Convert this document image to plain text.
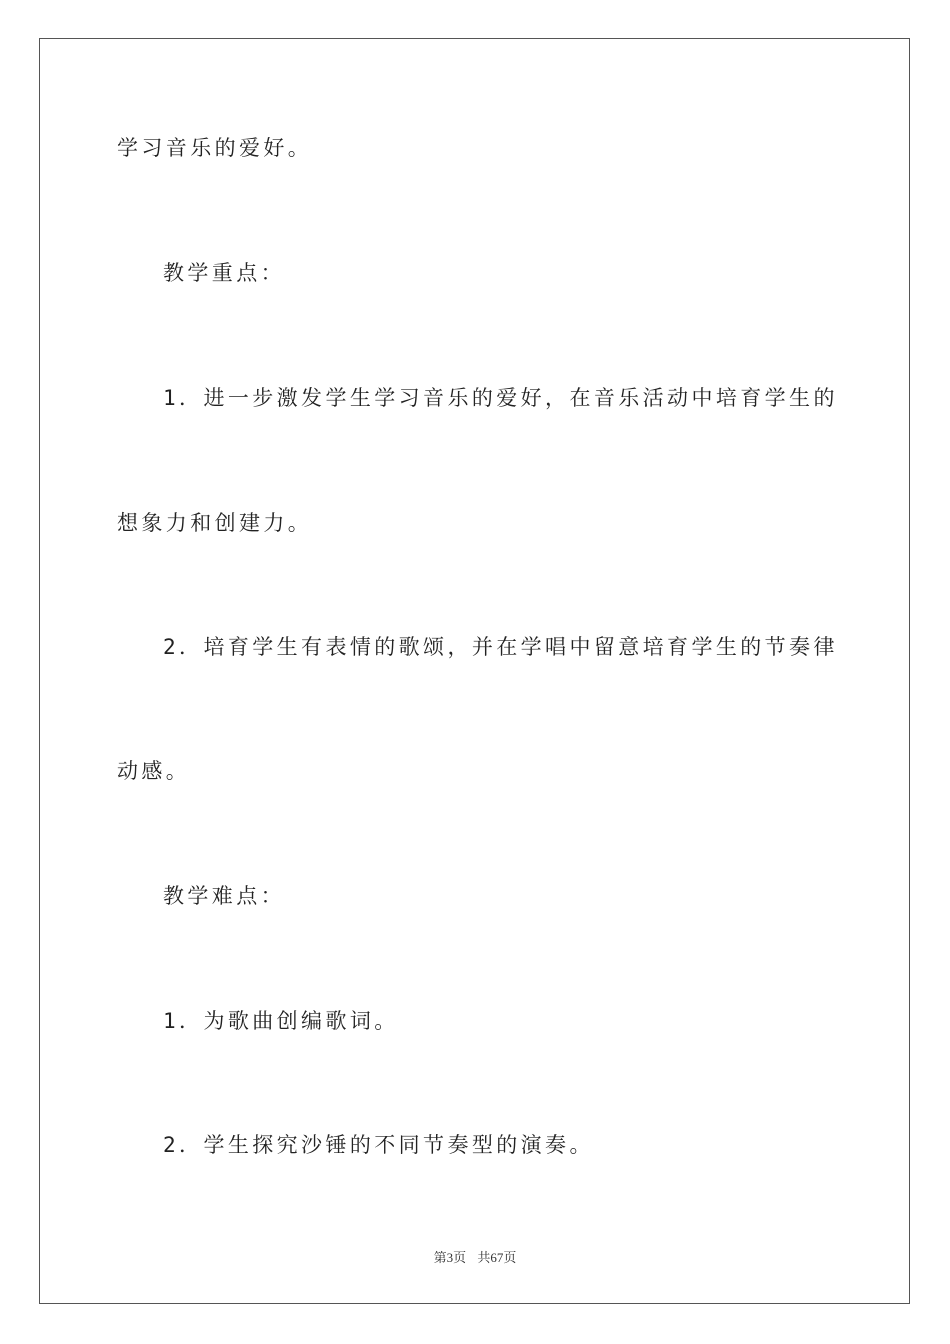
学习音乐的爱好。
教学重点：
1．进一步激发学生学习音乐的爱好，在音乐活动中培育学生的
想象力和创建力。
2．培育学生有表情的歌颂，并在学唱中留意培育学生的节奏律
动感。
教学难点：
1．为歌曲创编歌词。
2．学生探究沙锤的不同节奏型的演奏。
第3页 共67页
